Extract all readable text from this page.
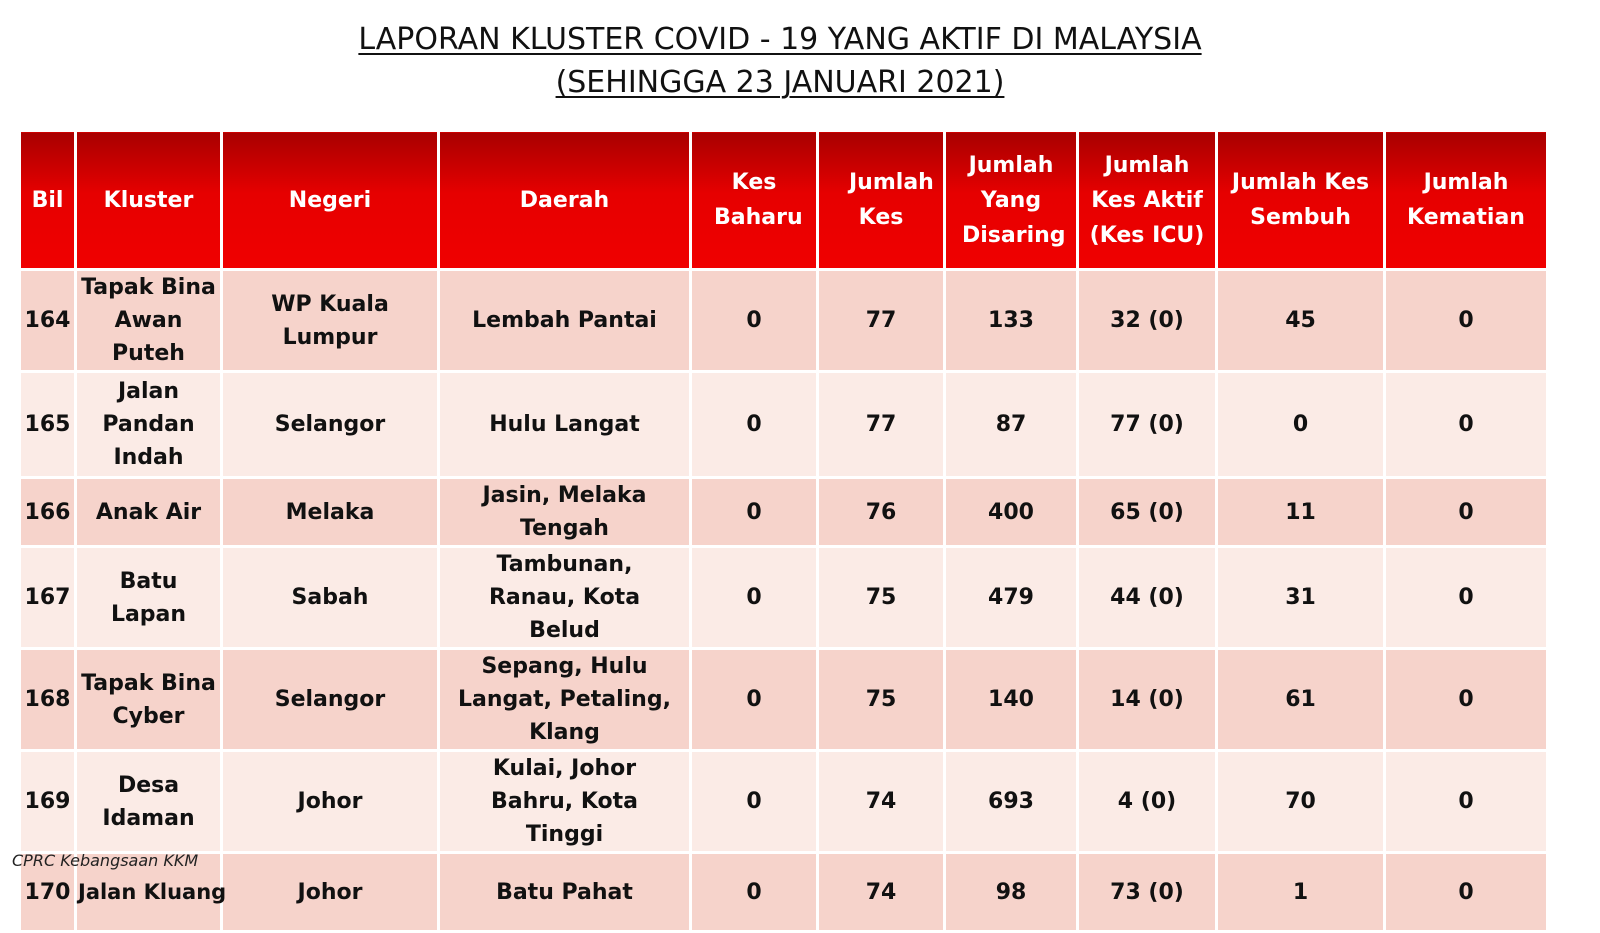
LAPORAN KLUSTER COVID - 19 YANG AKTIF DI MALAYSIA
(SEHINGGA 23 JANUARI 2021)
Bil	Kluster	Negeri	Daerah	Kes Baharu	Jumlah Kes	Jumlah Yang Disaring	Jumlah Kes Aktif (Kes ICU)	Jumlah Kes Sembuh	Jumlah Kematian
164	Tapak Bina Awan Puteh	WP Kuala Lumpur	Lembah Pantai	0	77	133	32 (0)	45	0
165	Jalan Pandan Indah	Selangor	Hulu Langat	0	77	87	77 (0)	0	0
166	Anak Air	Melaka	Jasin, Melaka Tengah	0	76	400	65 (0)	11	0
167	Batu Lapan	Sabah	Tambunan, Ranau, Kota Belud	0	75	479	44 (0)	31	0
168	Tapak Bina Cyber	Selangor	Sepang, Hulu Langat, Petaling, Klang	0	75	140	14 (0)	61	0
169	Desa Idaman	Johor	Kulai, Johor Bahru, Kota Tinggi	0	74	693	4 (0)	70	0
170	Jalan Kluang	Johor	Batu Pahat	0	74	98	73 (0)	1	0
CPRC Kebangsaan KKM
